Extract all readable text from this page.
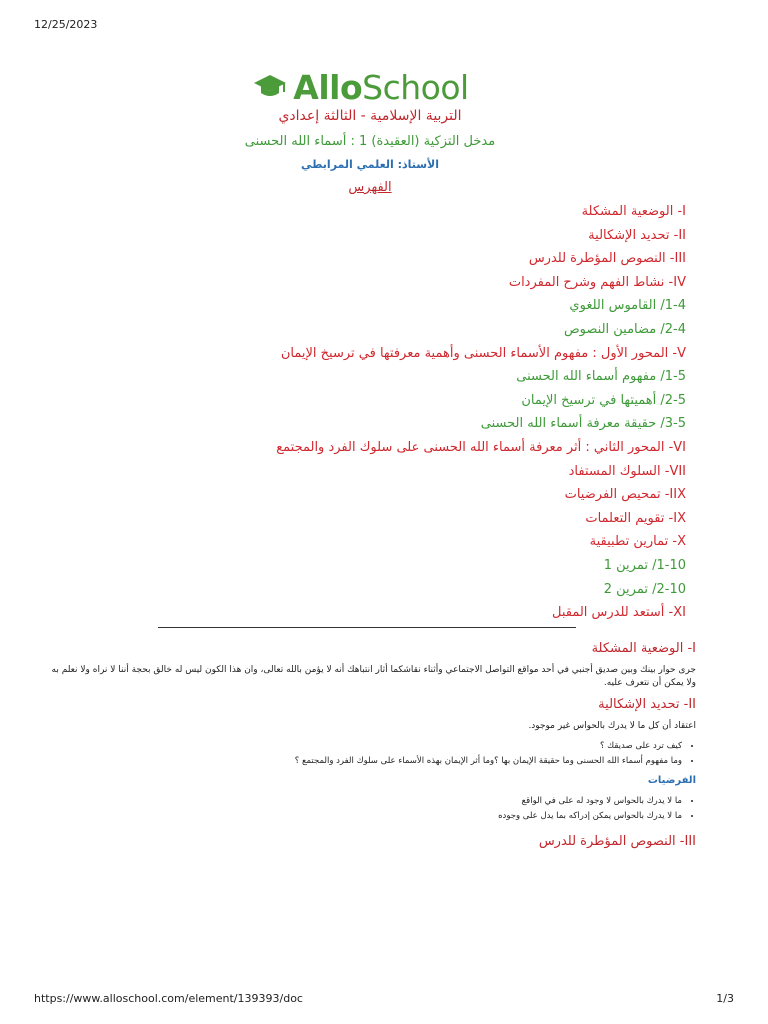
12/25/2023
AlloSchool
التربية الإسلامية - الثالثة إعدادي
مدخل التزكية (العقيدة) 1 : أسماء الله الحسنى
الأستاذ: العلمي المرابطي
الفهرس
I- الوضعية المشكلة
II- تحديد الإشكالية
III- النصوص المؤطرة للدرس
IV- نشاط الفهم وشرح المفردات
1-4/ القاموس اللغوي
2-4/ مضامين النصوص
V- المحور الأول : مفهوم الأسماء الحسنى وأهمية معرفتها في ترسيخ الإيمان
1-5/ مفهوم أسماء الله الحسنى
2-5/ أهميتها في ترسيخ الإيمان
3-5/ حقيقة معرفة أسماء الله الحسنى
VI- المحور الثاني : أثر معرفة أسماء الله الحسنى على سلوك الفرد والمجتمع
VII- السلوك المستفاد
IIX- تمحيص الفرضيات
IX- تقويم التعلمات
X- تمارين تطبيقية
1-10/ تمرين 1
2-10/ تمرين 2
XI- أستعد للدرس المقبل
I- الوضعية المشكلة
جرى حوار بينك وبين صديق أجنبي في أحد مواقع التواصل الاجتماعي وأثناء نقاشكما أثار انتباهك أنه لا يؤمن بالله تعالى، وان هذا الكون ليس له خالق بحجة أننا لا نراه ولا نعلم به ولا يمكن أن نتعرف عليه.
II- تحديد الإشكالية
اعتقاد أن كل ما لا يدرك بالحواس غير موجود.
• كيف ترد على صديقك ؟
• وما مفهوم أسماء الله الحسنى وما حقيقة الإيمان بها ؟وما أثر الإيمان بهذه الأسماء على سلوك الفرد والمجتمع ؟
الفرضيات
• ما لا يدرك بالحواس لا وجود له على في الواقع
• ما لا يدرك بالحواس يمكن إدراكه بما يدل على وجوده
III- النصوص المؤطرة للدرس
https://www.alloschool.com/element/139393/doc	1/3
